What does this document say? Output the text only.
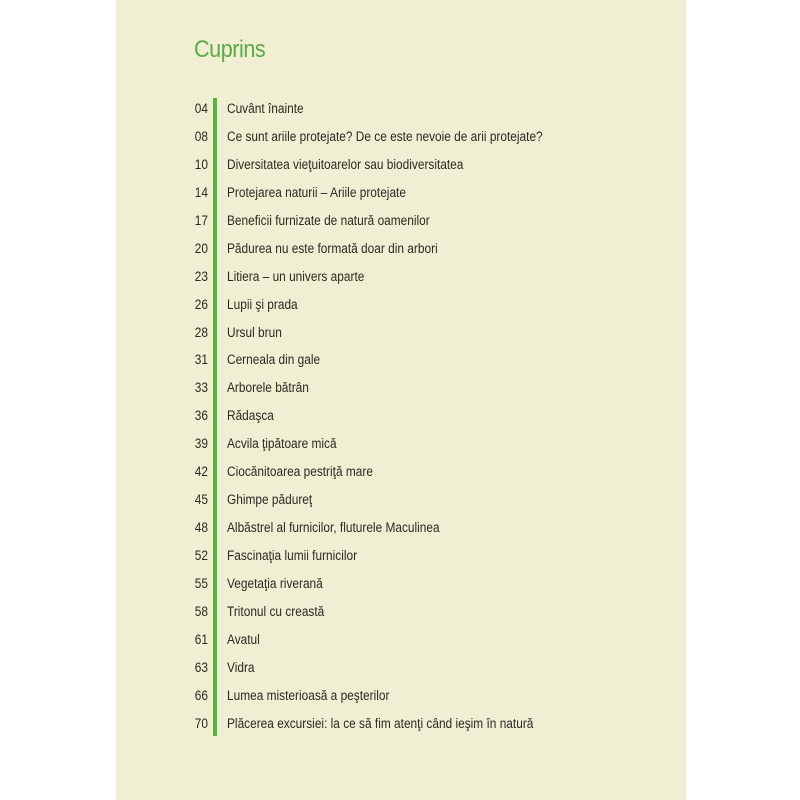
Cuprins
04 Cuvânt înainte
08 Ce sunt ariile protejate? De ce este nevoie de arii protejate?
10 Diversitatea vieţuitoarelor sau biodiversitatea
14 Protejarea naturii – Ariile protejate
17 Beneficii furnizate de natură oamenilor
20 Pădurea nu este formată doar din arbori
23 Litiera – un univers aparte
26 Lupii şi prada
28 Ursul brun
31 Cerneala din gale
33 Arborele bătrân
36 Rădaşca
39 Acvila ţipătoare mică
42 Ciocănitoarea pestriţă mare
45 Ghimpe pădureţ
48 Albăstrel al furnicilor, fluturele Maculinea
52 Fascinaţia lumii furnicilor
55 Vegetaţia riverană
58 Tritonul cu creastă
61 Avatul
63 Vidra
66 Lumea misterioasă a peşterilor
70 Plăcerea excursiei: la ce să fim atenţi când ieşim în natură
